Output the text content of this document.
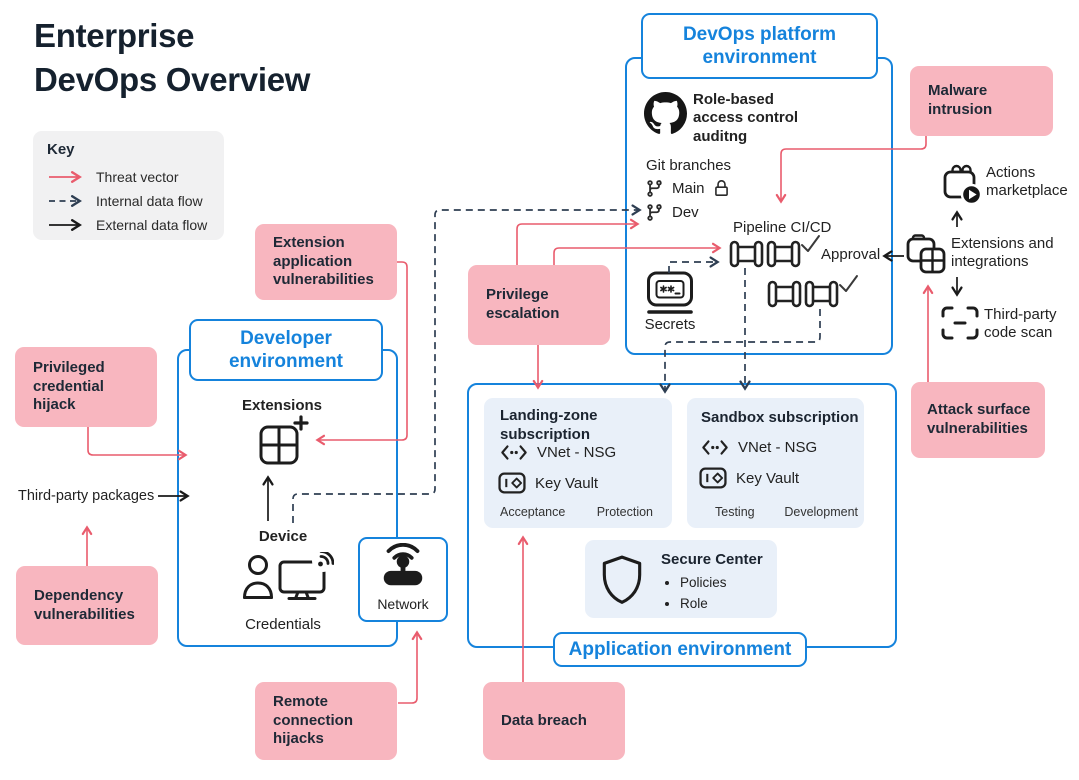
Enterprise
DevOps Overview
Key
Threat vector
Internal data flow
External data flow
Malware intrusion
Extension application vulnerabilities
Privileged credential hijack
Dependency vulnerabilities
Remote connection hijacks
Privilege escalation
Data breach
Attack surface vulnerabilities
DevOps platform environment
Role-based access control auditng
Git branches
Main
Dev
Pipeline CI/CD
Approval
Secrets
Developer environment
Extensions
Device
Credentials
Network
Application environment
Landing-zone subscription
VNet - NSG
Key Vault
Acceptance	Protection
Sandbox subscription
VNet - NSG
Key Vault
Testing Development
Secure Center
• Policies
• Role
Actions marketplace
Extensions and integrations
Third-party code scan
Third-party packages
